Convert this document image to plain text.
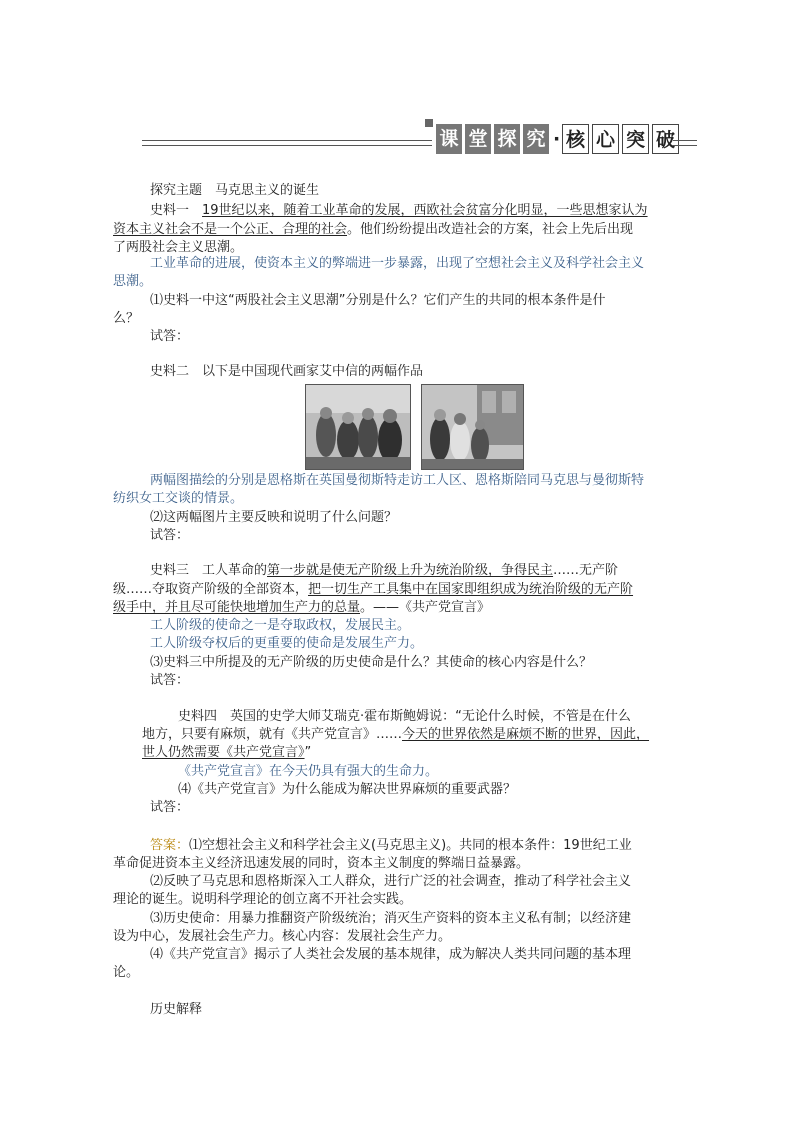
课 堂 探 究 · 核 心 突 破
探究主题　马克思主义的诞生
史料一　19世纪以来，随着工业革命的发展，西欧社会贫富分化明显，一些思想家认为
资本主义社会不是一个公正、合理的社会。他们纷纷提出改造社会的方案，社会上先后出现
了两股社会主义思潮。
工业革命的进展，使资本主义的弊端进一步暴露，出现了空想社会主义及科学社会主义
思潮。
⑴史料一中这“两股社会主义思潮”分别是什么？它们产生的共同的根本条件是什
么？
试答：
史料二　以下是中国现代画家艾中信的两幅作品
两幅图描绘的分别是恩格斯在英国曼彻斯特走访工人区、恩格斯陪同马克思与曼彻斯特
纺织女工交谈的情景。
⑵这两幅图片主要反映和说明了什么问题？
试答：
史料三　工人革命的第一步就是使无产阶级上升为统治阶级，争得民主……无产阶
级……夺取资产阶级的全部资本，把一切生产工具集中在国家即组织成为统治阶级的无产阶
级手中，并且尽可能快地增加生产力的总量。——《共产党宣言》
工人阶级的使命之一是夺取政权，发展民主。
工人阶级夺权后的更重要的使命是发展生产力。
⑶史料三中所提及的无产阶级的历史使命是什么？其使命的核心内容是什么？
试答：
史料四　英国的史学大师艾瑞克·霍布斯鲍姆说：“无论什么时候，不管是在什么
地方，只要有麻烦，就有《共产党宣言》……今天的世界依然是麻烦不断的世界，因此，
世人仍然需要《共产党宣言》”
《共产党宣言》在今天仍具有强大的生命力。
⑷《共产党宣言》为什么能成为解决世界麻烦的重要武器？
试答：
答案：⑴空想社会主义和科学社会主义(马克思主义)。共同的根本条件：19世纪工业
革命促进资本主义经济迅速发展的同时，资本主义制度的弊端日益暴露。
⑵反映了马克思和恩格斯深入工人群众，进行广泛的社会调查，推动了科学社会主义
理论的诞生。说明科学理论的创立离不开社会实践。
⑶历史使命：用暴力推翻资产阶级统治；消灭生产资料的资本主义私有制；以经济建
设为中心，发展社会生产力。核心内容：发展社会生产力。
⑷《共产党宣言》揭示了人类社会发展的基本规律，成为解决人类共同问题的基本理
论。
历史解释
